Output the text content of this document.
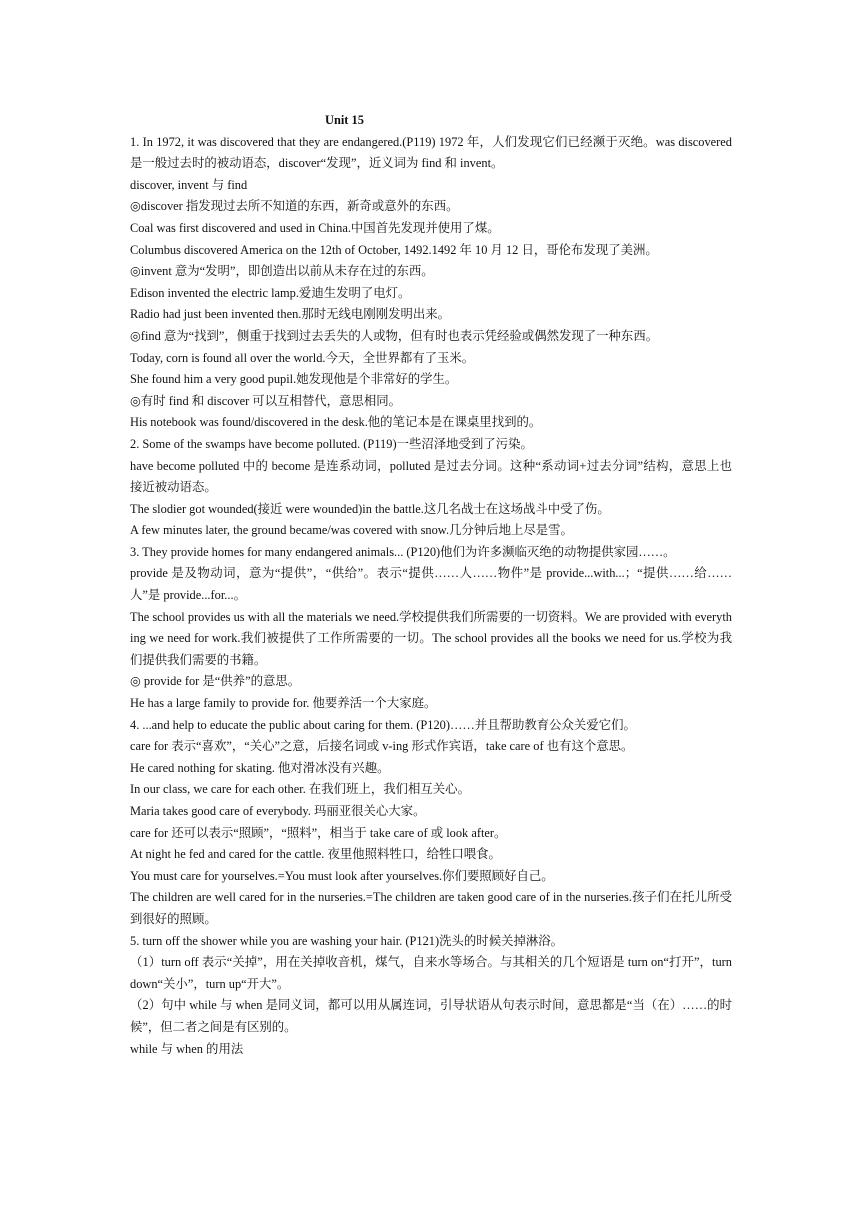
Unit 15

1. In 1972, it was discovered that they are endangered.(P119) 1972 年，人们发现它们已经濒于灭绝。was discovered 是一般过去时的被动语态，discover“发现”，近义词为 find 和 invent。

discover, invent 与 find

◎discover 指发现过去所不知道的东西，新奇或意外的东西。

Coal was first discovered and used in China.中国首先发现并使用了煤。

Columbus discovered America on the 12th of October, 1492.1492 年 10 月 12 日，哥伦布发现了美洲。

◎invent 意为“发明”，即创造出以前从未存在过的东西。

Edison invented the electric lamp.爱迪生发明了电灯。

Radio had just been invented then.那时无线电刚刚发明出来。

◎find 意为“找到”，侧重于找到过去丢失的人或物，但有时也表示凭经验或偶然发现了一种东西。

Today, corn is found all over the world.今天，全世界都有了玉米。

She found him a very good pupil.她发现他是个非常好的学生。

◎有时 find 和 discover 可以互相替代，意思相同。

His notebook was found/discovered in the desk.他的笔记本是在课桌里找到的。

2. Some of the swamps have become polluted. (P119)一些沼泽地受到了污染。

have become polluted 中的 become 是连系动词，polluted 是过去分词。这种“系动词+过去分词”结构，意思上也接近被动语态。

The slodier got wounded(接近 were wounded)in the battle.这几名战士在这场战斗中受了伤。

A few minutes later, the ground became/was covered with snow.几分钟后地上尽是雪。

3. They provide homes for many endangered animals... (P120)他们为许多濒临灭绝的动物提供家园……。

provide 是及物动词，意为“提供”，“供给”。表示“提供……人……物件”是 provide...with...；“提供……给……人”是 provide...for...。

The school provides us with all the materials we need.学校提供我们所需要的一切资料。We are provided with everything we need for work.我们被提供了工作所需要的一切。The school provides all the books we need for us.学校为我们提供我们需要的书籍。

◎ provide for 是“供养”的意思。

He has a large family to provide for. 他要养活一个大家庭。

4. ...and help to educate the public about caring for them. (P120)……并且帮助教育公众关爱它们。

care for 表示“喜欢”，“关心”之意，后接名词或 v-ing 形式作宾语，take care of 也有这个意思。

He cared nothing for skating. 他对滑冰没有兴趣。

In our class, we care for each other. 在我们班上，我们相互关心。

Maria takes good care of everybody. 玛丽亚很关心大家。

care for 还可以表示“照顾”，“照料”，相当于 take care of 或 look after。

At night he fed and cared for the cattle. 夜里他照料牲口，给牲口喂食。

You must care for yourselves.=You must look after yourselves.你们要照顾好自己。

The children are well cared for in the nurseries.=The children are taken good care of in the nurseries.孩子们在托儿所受到很好的照顾。

5. turn off the shower while you are washing your hair. (P121)洗头的时候关掉淋浴。

（1）turn off 表示“关掉”，用在关掉收音机，煤气，自来水等场合。与其相关的几个短语是 turn on“打开”，turn down“关小”，turn up“开大”。

（2）句中 while 与 when 是同义词，都可以用从属连词，引导状语从句表示时间，意思都是“当（在）……的时候”，但二者之间是有区别的。

while 与 when 的用法
